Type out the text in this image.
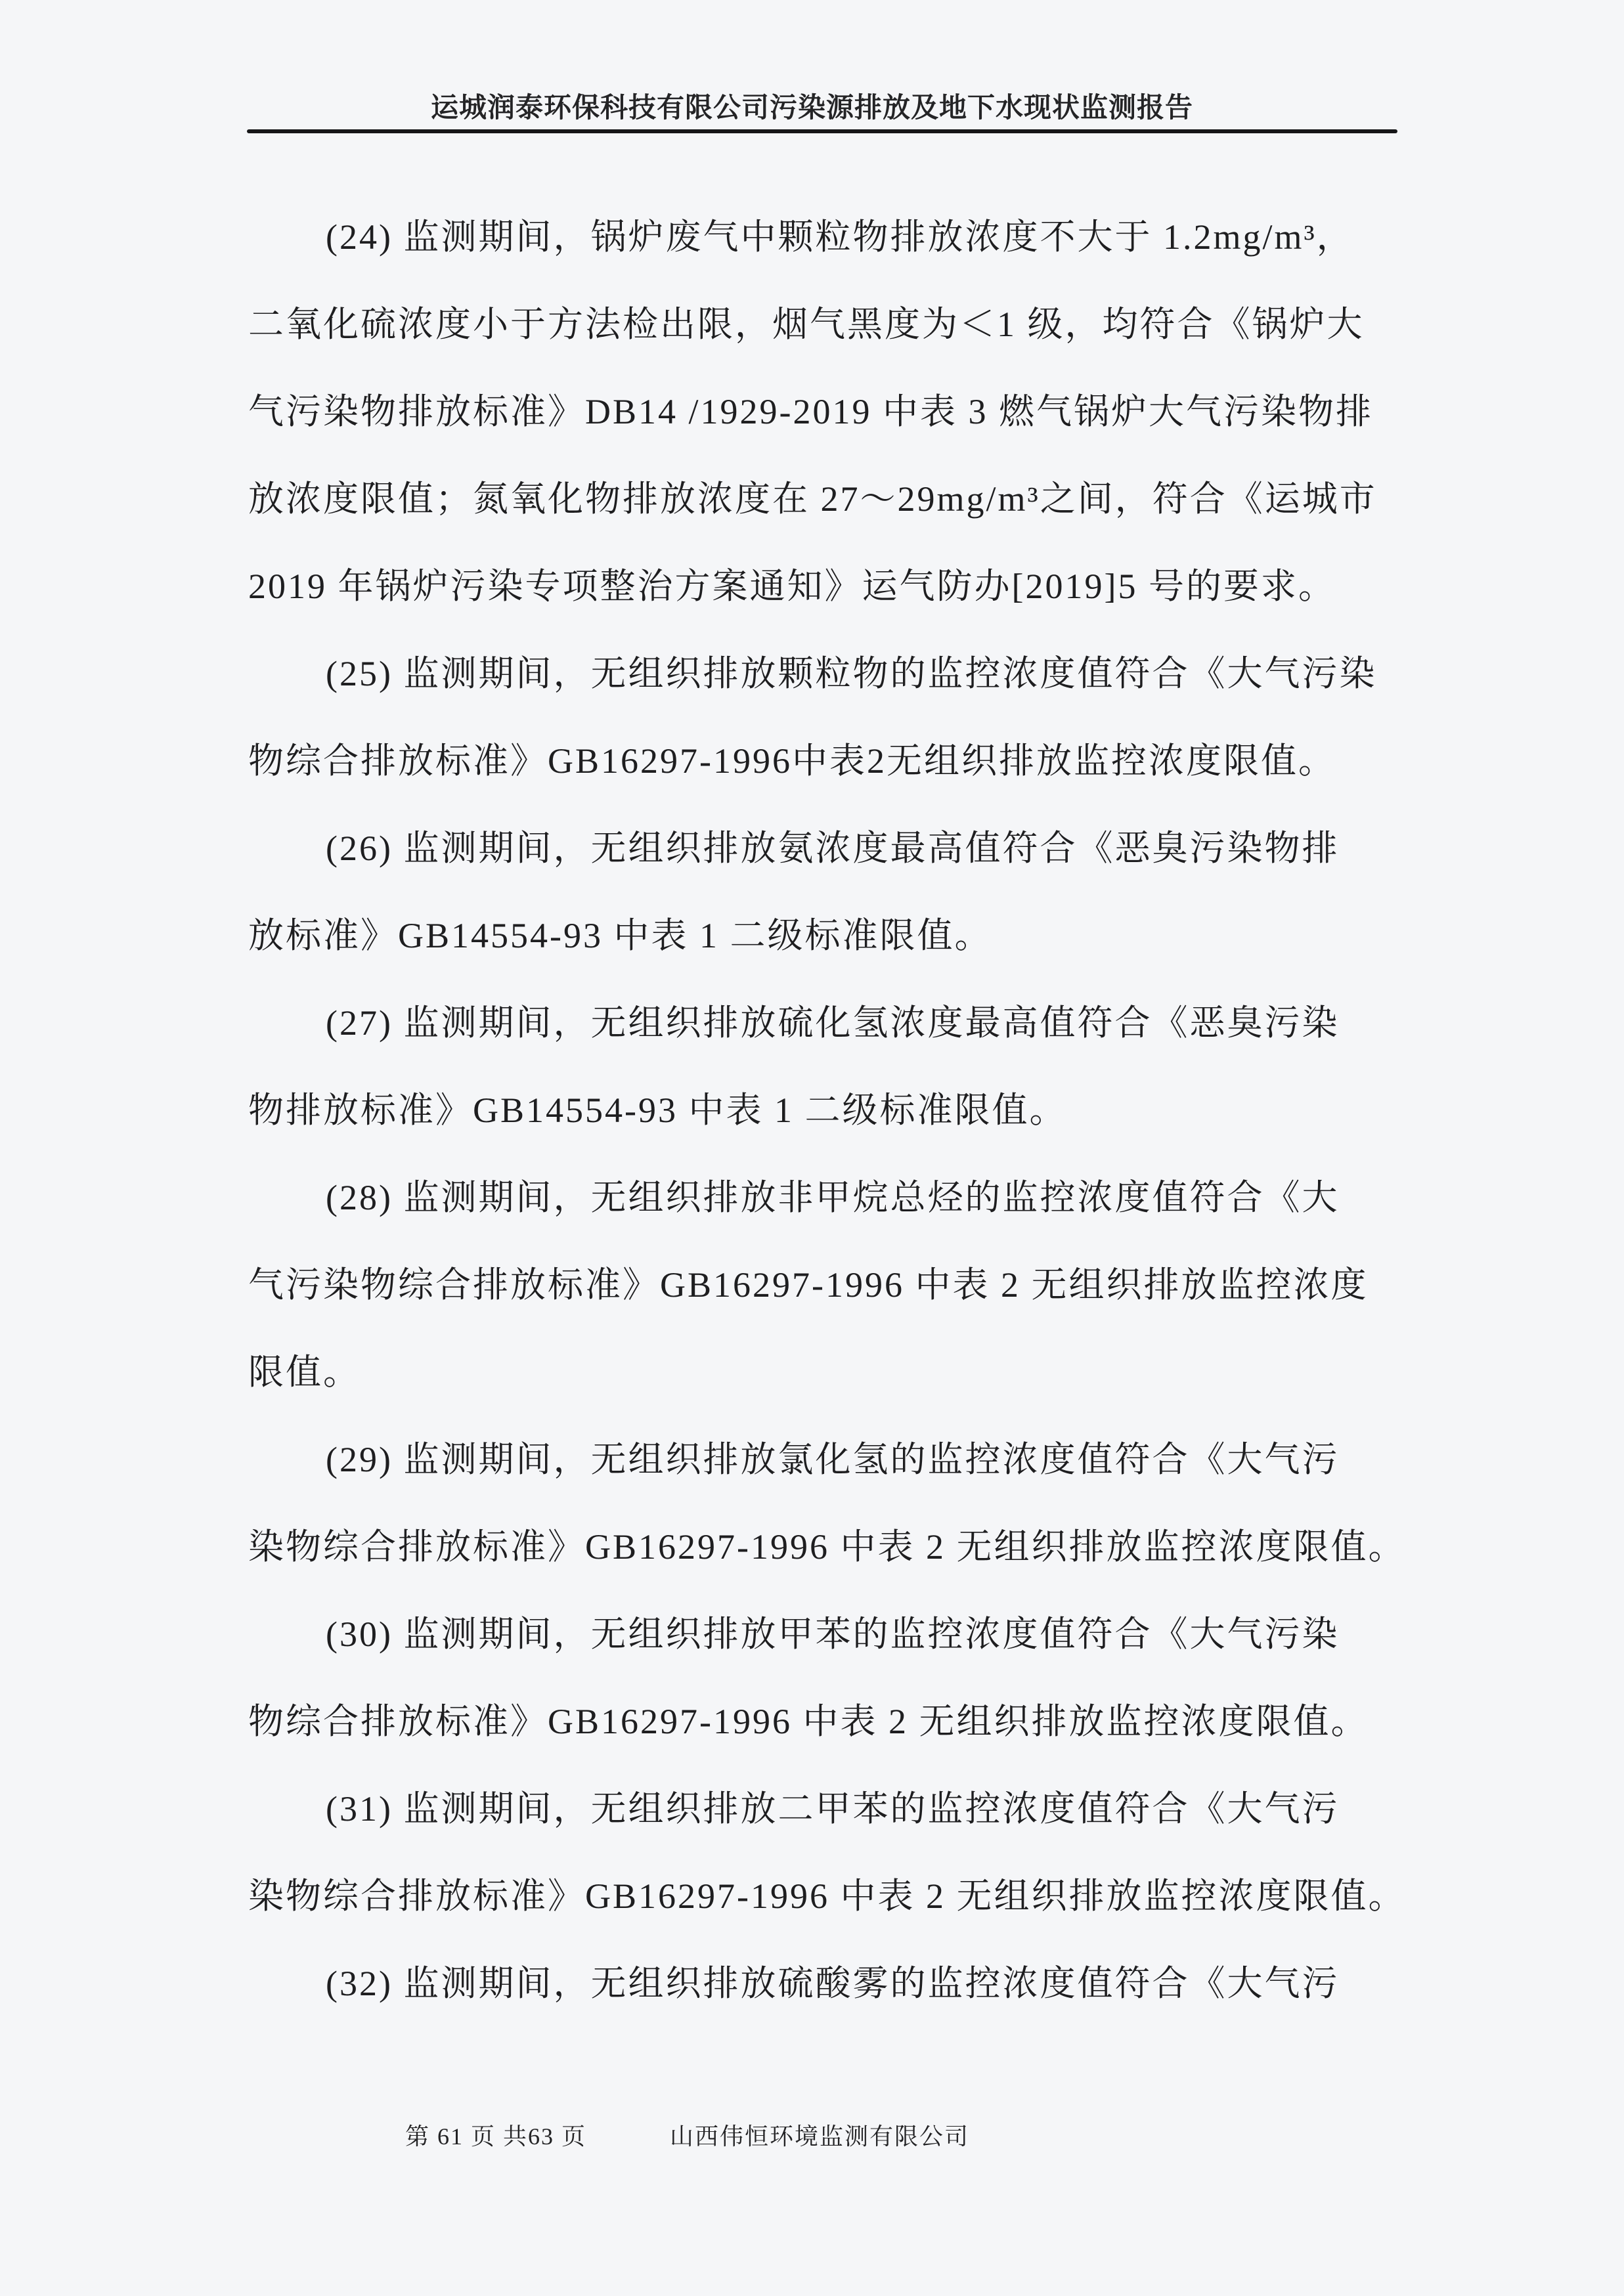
运城润泰环保科技有限公司污染源排放及地下水现状监测报告
(24) 监测期间，锅炉废气中颗粒物排放浓度不大于 1.2mg/m³，
二氧化硫浓度小于方法检出限，烟气黑度为＜1 级，均符合《锅炉大
气污染物排放标准》DB14 /1929-2019 中表 3 燃气锅炉大气污染物排
放浓度限值；氮氧化物排放浓度在 27～29mg/m³之间，符合《运城市
2019 年锅炉污染专项整治方案通知》运气防办[2019]5 号的要求。
(25) 监测期间，无组织排放颗粒物的监控浓度值符合《大气污染
物综合排放标准》GB16297-1996中表2无组织排放监控浓度限值。
(26) 监测期间，无组织排放氨浓度最高值符合《恶臭污染物排
放标准》GB14554-93 中表 1 二级标准限值。
(27) 监测期间，无组织排放硫化氢浓度最高值符合《恶臭污染
物排放标准》GB14554-93 中表 1 二级标准限值。
(28) 监测期间，无组织排放非甲烷总烃的监控浓度值符合《大
气污染物综合排放标准》GB16297-1996 中表 2 无组织排放监控浓度
限值。
(29) 监测期间，无组织排放氯化氢的监控浓度值符合《大气污
染物综合排放标准》GB16297-1996 中表 2 无组织排放监控浓度限值。
(30) 监测期间，无组织排放甲苯的监控浓度值符合《大气污染
物综合排放标准》GB16297-1996 中表 2 无组织排放监控浓度限值。
(31) 监测期间，无组织排放二甲苯的监控浓度值符合《大气污
染物综合排放标准》GB16297-1996 中表 2 无组织排放监控浓度限值。
(32) 监测期间，无组织排放硫酸雾的监控浓度值符合《大气污
第 61 页 共63 页	山西伟恒环境监测有限公司
